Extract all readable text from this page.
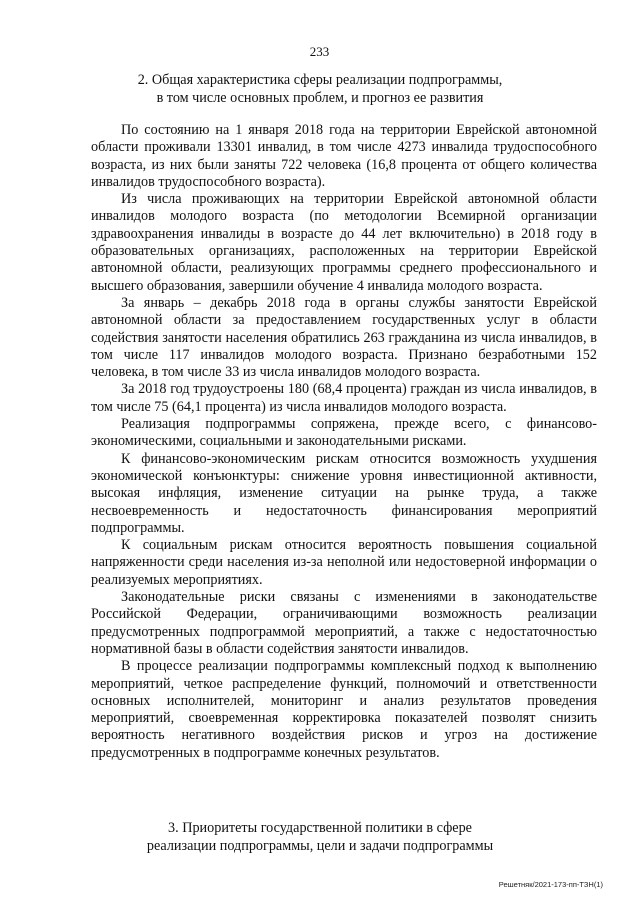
233
2. Общая характеристика сферы реализации подпрограммы,
в том числе основных проблем, и прогноз ее развития

По состоянию на 1 января 2018 года на территории Еврейской автономной области проживали 13301 инвалид, в том числе 4273 инвалида трудоспособного возраста, из них были заняты 722 человека (16,8 процента от общего количества инвалидов трудоспособного возраста).

Из числа проживающих на территории Еврейской автономной области инвалидов молодого возраста (по методологии Всемирной организации здравоохранения инвалиды в возрасте до 44 лет включительно) в 2018 году в образовательных организациях, расположенных на территории Еврейской автономной области, реализующих программы среднего профессионального и высшего образования, завершили обучение 4 инвалида молодого возраста.

За январь – декабрь 2018 года в органы службы занятости Еврейской автономной области за предоставлением государственных услуг в области содействия занятости населения обратились 263 гражданина из числа инвалидов, в том числе 117 инвалидов молодого возраста. Признано безработными 152 человека, в том числе 33 из числа инвалидов молодого возраста.

За 2018 год трудоустроены 180 (68,4 процента) граждан из числа инвалидов, в том числе 75 (64,1 процента) из числа инвалидов молодого возраста.

Реализация подпрограммы сопряжена, прежде всего, с финансово-экономическими, социальными и законодательными рисками.

К финансово-экономическим рискам относится возможность ухудшения экономической конъюнктуры: снижение уровня инвестиционной активности, высокая инфляция, изменение ситуации на рынке труда, а также несвоевременность и недостаточность финансирования мероприятий подпрограммы.

К социальным рискам относится вероятность повышения социальной напряженности среди населения из-за неполной или недостоверной информации о реализуемых мероприятиях.

Законодательные риски связаны с изменениями в законодательстве Российской Федерации, ограничивающими возможность реализации предусмотренных подпрограммой мероприятий, а также с недостаточностью нормативной базы в области содействия занятости инвалидов.

В процессе реализации подпрограммы комплексный подход к выполнению мероприятий, четкое распределение функций, полномочий и ответственности основных исполнителей, мониторинг и анализ результатов проведения мероприятий, своевременная корректировка показателей позволят снизить вероятность негативного воздействия рисков и угроз на достижение предусмотренных в подпрограмме конечных результатов.

3. Приоритеты государственной политики в сфере
реализации подпрограммы, цели и задачи подпрограммы
Решетняк/2021-173-пп-ТЗН(1)
